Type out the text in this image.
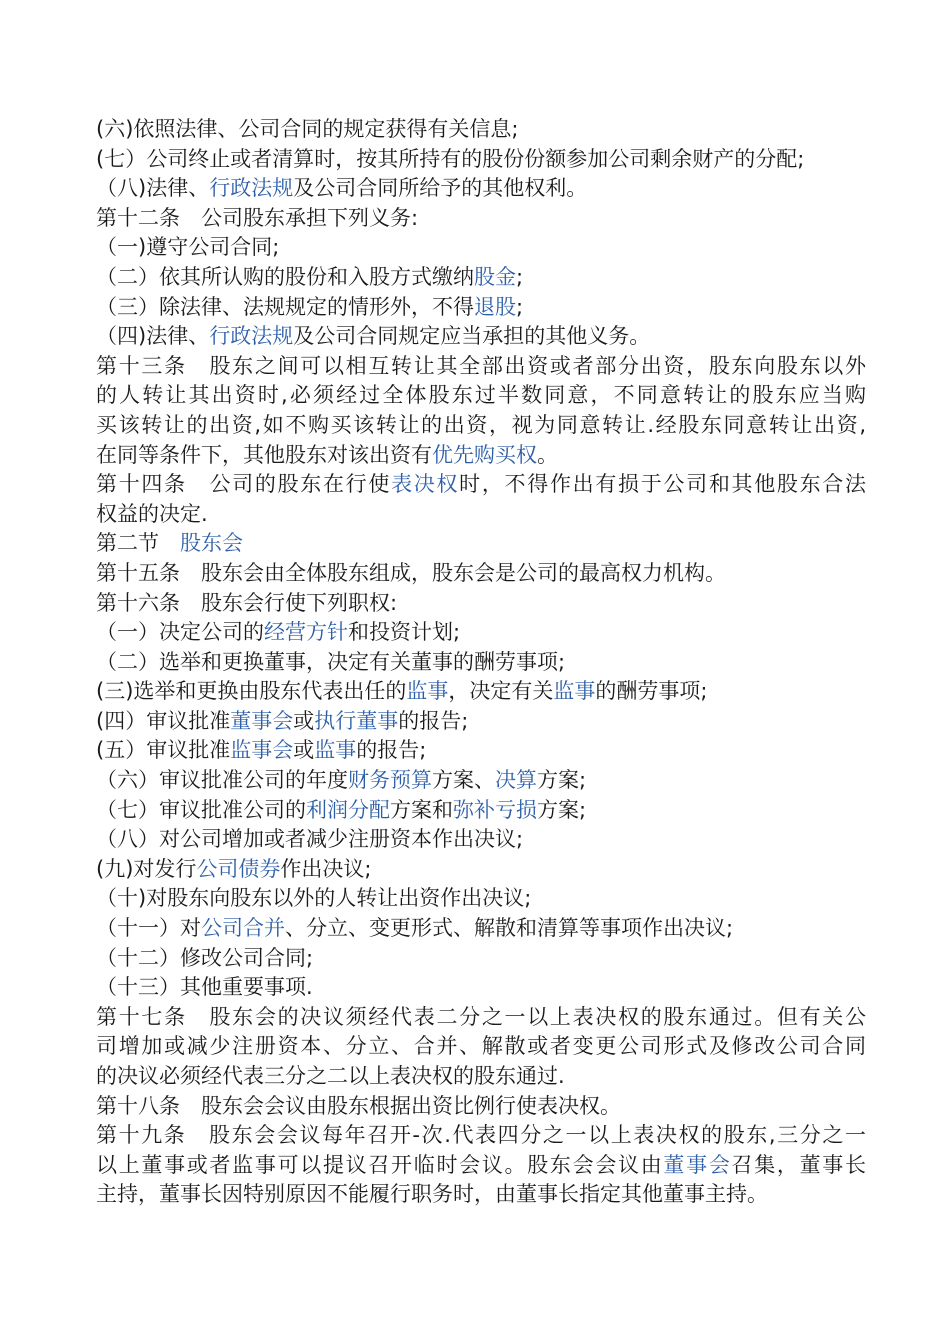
(六)依照法律、公司合同的规定获得有关信息;
(七）公司终止或者清算时，按其所持有的股份份额参加公司剩余财产的分配;
（八)法律、行政法规及公司合同所给予的其他权利。
第十二条　公司股东承担下列义务:
（一)遵守公司合同;
（二）依其所认购的股份和入股方式缴纳股金;
（三）除法律、法规规定的情形外，不得退股;
（四)法律、行政法规及公司合同规定应当承担的其他义务。
第十三条　股东之间可以相互转让其全部出资或者部分出资，股东向股东以外
的人转让其出资时,必须经过全体股东过半数同意，不同意转让的股东应当购
买该转让的出资,如不购买该转让的出资，视为同意转让.经股东同意转让出资,
在同等条件下，其他股东对该出资有优先购买权。
第十四条　公司的股东在行使表决权时，不得作出有损于公司和其他股东合法
权益的决定.
第二节　股东会
第十五条　股东会由全体股东组成，股东会是公司的最高权力机构。
第十六条　股东会行使下列职权:
（一）决定公司的经营方针和投资计划;
（二）选举和更换董事，决定有关董事的酬劳事项;
(三)选举和更换由股东代表出任的监事，决定有关监事的酬劳事项;
(四）审议批准董事会或执行董事的报告;
(五）审议批准监事会或监事的报告;
（六）审议批准公司的年度财务预算方案、决算方案;
（七）审议批准公司的利润分配方案和弥补亏损方案;
（八）对公司增加或者减少注册资本作出决议;
(九)对发行公司债券作出决议;
（十)对股东向股东以外的人转让出资作出决议;
（十一）对公司合并、分立、变更形式、解散和清算等事项作出决议;
（十二）修改公司合同;
（十三）其他重要事项.
第十七条　股东会的决议须经代表二分之一以上表决权的股东通过。但有关公
司增加或减少注册资本、分立、合并、解散或者变更公司形式及修改公司合同
的决议必须经代表三分之二以上表决权的股东通过.
第十八条　股东会会议由股东根据出资比例行使表决权。
第十九条　股东会会议每年召开-次.代表四分之一以上表决权的股东,三分之一
以上董事或者监事可以提议召开临时会议。股东会会议由董事会召集，董事长
主持，董事长因特别原因不能履行职务时，由董事长指定其他董事主持。
